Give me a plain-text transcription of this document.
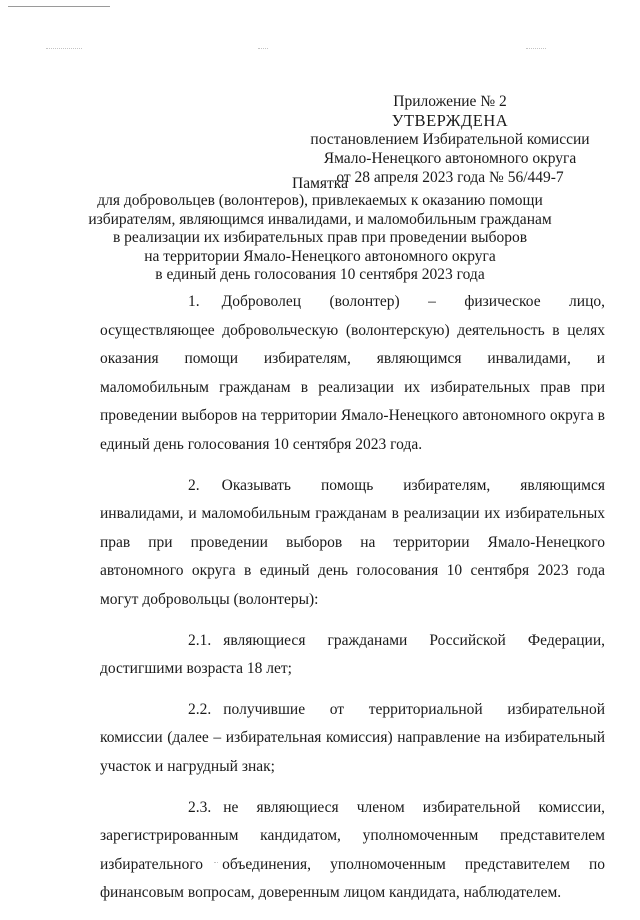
Приложение № 2
УТВЕРЖДЕНА
постановлением Избирательной комиссии
Ямало-Ненецкого автономного округа
от 28 апреля 2023 года № 56/449-7
Памятка
для добровольцев (волонтеров), привлекаемых к оказанию помощи
избирателям, являющимся инвалидами, и маломобильным гражданам
в реализации их избирательных прав при проведении выборов
на территории Ямало-Ненецкого автономного округа
в единый день голосования 10 сентября 2023 года

1. Доброволец (волонтер) – физическое лицо, осуществляющее добровольческую (волонтерскую) деятельность в целях оказания помощи избирателям, являющимся инвалидами, и маломобильным гражданам в реализации их избирательных прав при проведении выборов на территории Ямало-Ненецкого автономного округа в единый день голосования 10 сентября 2023 года.

2. Оказывать помощь избирателям, являющимся инвалидами, и маломобильным гражданам в реализации их избирательных прав при проведении выборов на территории Ямало-Ненецкого автономного округа в единый день голосования 10 сентября 2023 года могут добровольцы (волонтеры):

2.1. являющиеся гражданами Российской Федерации, достигшими возраста 18 лет;

2.2. получившие от территориальной избирательной комиссии (далее – избирательная комиссия) направление на избирательный участок и нагрудный знак;

2.3. не являющиеся членом избирательной комиссии, зарегистрированным кандидатом, уполномоченным представителем избирательного объединения, уполномоченным представителем по финансовым вопросам, доверенным лицом кандидата, наблюдателем.
